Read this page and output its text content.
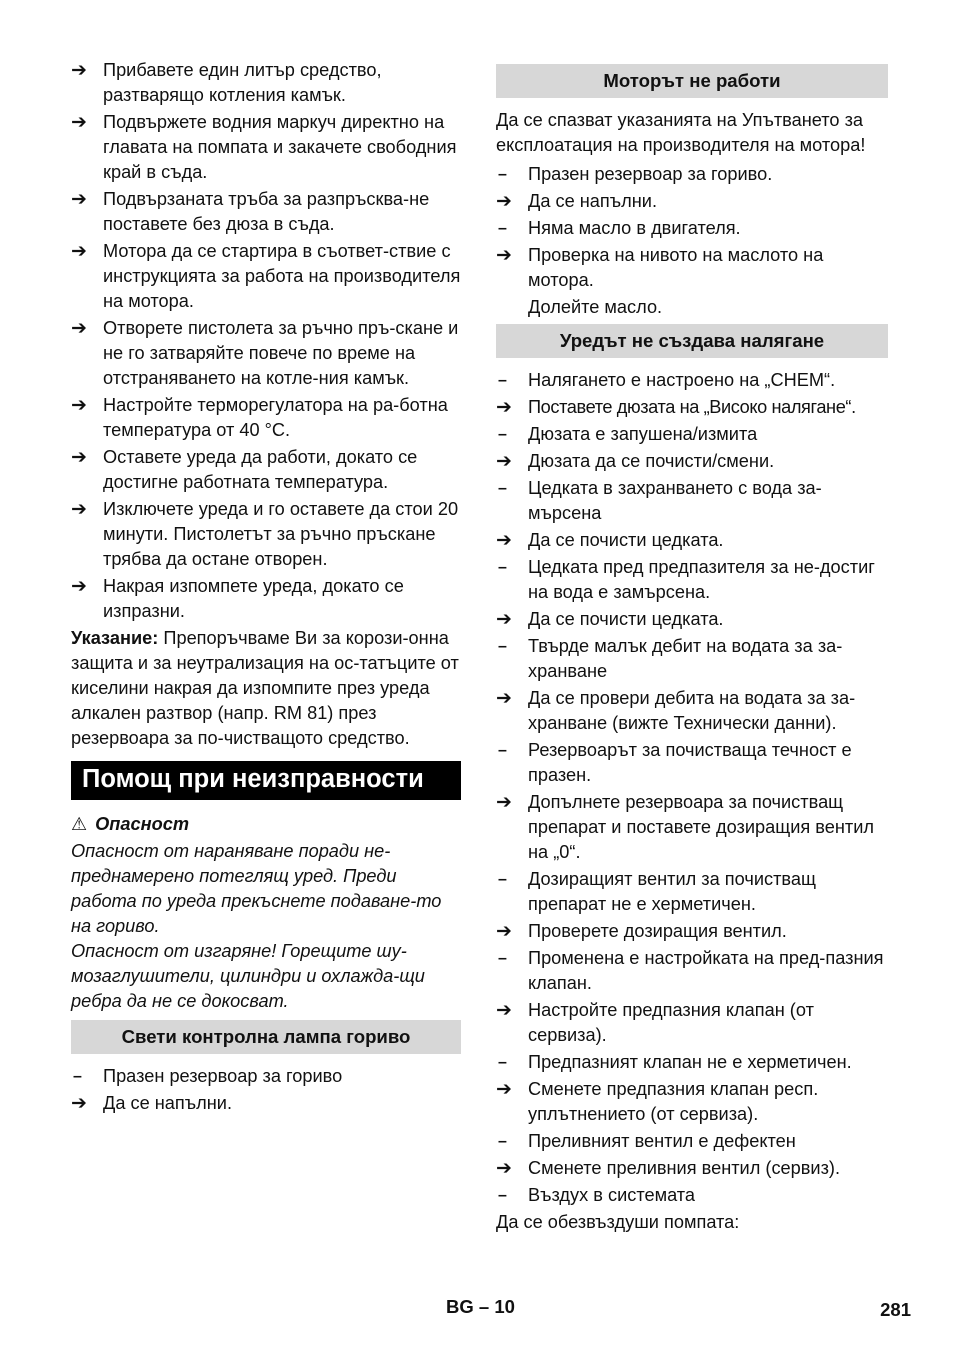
➔ Прибавете един литър средство, разтварящо котления камък.
➔ Подвържете водния маркуч директно на главата на помпата и закачете свободния край в съда.
➔ Подвързаната тръба за разпръсква-не поставете без дюза в съда.
➔ Мотора да се стартира в съответ-ствие с инструкцията за работа на производителя на мотора.
➔ Отворете пистолета за ръчно пръ-скане и не го затваряйте повече по време на отстраняването на котле-ния камък.
➔ Настройте терморегулатора на ра-ботна температура от 40 °C.
➔ Оставете уреда да работи, докато се достигне работната температура.
➔ Изключете уреда и го оставете да стои 20 минути. Пистолетът за ръчно пръскане трябва да остане отворен.
➔ Накрая изпомпете уреда, докато се изпразни.

Указание: Препоръчваме Ви за корози-онна защита и за неутрализация на ос-татъците от киселини накрая да изпомпите през уреда алкален разтвор (напр. RM 81) през резервоара за по-чистващото средство.

Помощ при неизправности
⚠ Опасност

Опасност от нараняване поради не-преднамерено потеглящ уред. Преди работа по уреда прекъснете подаване-то на гориво.

Опасност от изгаряне! Горещите шу-мозаглушители, цилиндри и охлажда-щи ребра да не се докосват.

Свети контролна лампа гориво
–	Празен резервоар за гориво
➔ Да се напълни.
Моторът не работи

Да се спазват указанията на Упътването за експлоатация на производителя на мотора!

–	Празен резервоар за гориво.
➔ Да се напълни.
–	Няма масло в двигателя.
➔ Проверка на нивото на маслото на мотора.
Долейте масло.
Уредът не създава налягане
–	Налягането е настроено на „CHEM“.
➔ Поставете дюзата на „Високо налягане“.
–	Дюзата е запушена/измита
➔ Дюзата да се почисти/смени.
–	Цедката в захранването с вода за-мърсена
➔ Да се почисти цедката.
–	Цедката пред предпазителя за не-достиг на вода е замърсена.
➔ Да се почисти цедката.
–	Твърде малък дебит на водата за за-хранване
➔ Да се провери дебита на водата за за-хранване (вижте Технически данни).
–	Резервоарът за почистваща течност е празен.
➔ Допълнете резервоара за почистващ препарат и поставете дозиращия вентил на „0“.
–	Дозиращият вентил за почистващ препарат не е херметичен.
➔ Проверете дозиращия вентил.
–	Променена е настройката на пред-пазния клапан.
➔ Настройте предпазния клапан (от сервиза).
–	Предпазният клапан не е херметичен.
➔ Сменете предпазния клапан респ. уплътнението (от сервиза).
–	Преливният вентил е дефектен
➔ Сменете преливния вентил (сервиз).
–	Въздух в системата

Да се обезвъздуши помпата:

BG – 10	281
